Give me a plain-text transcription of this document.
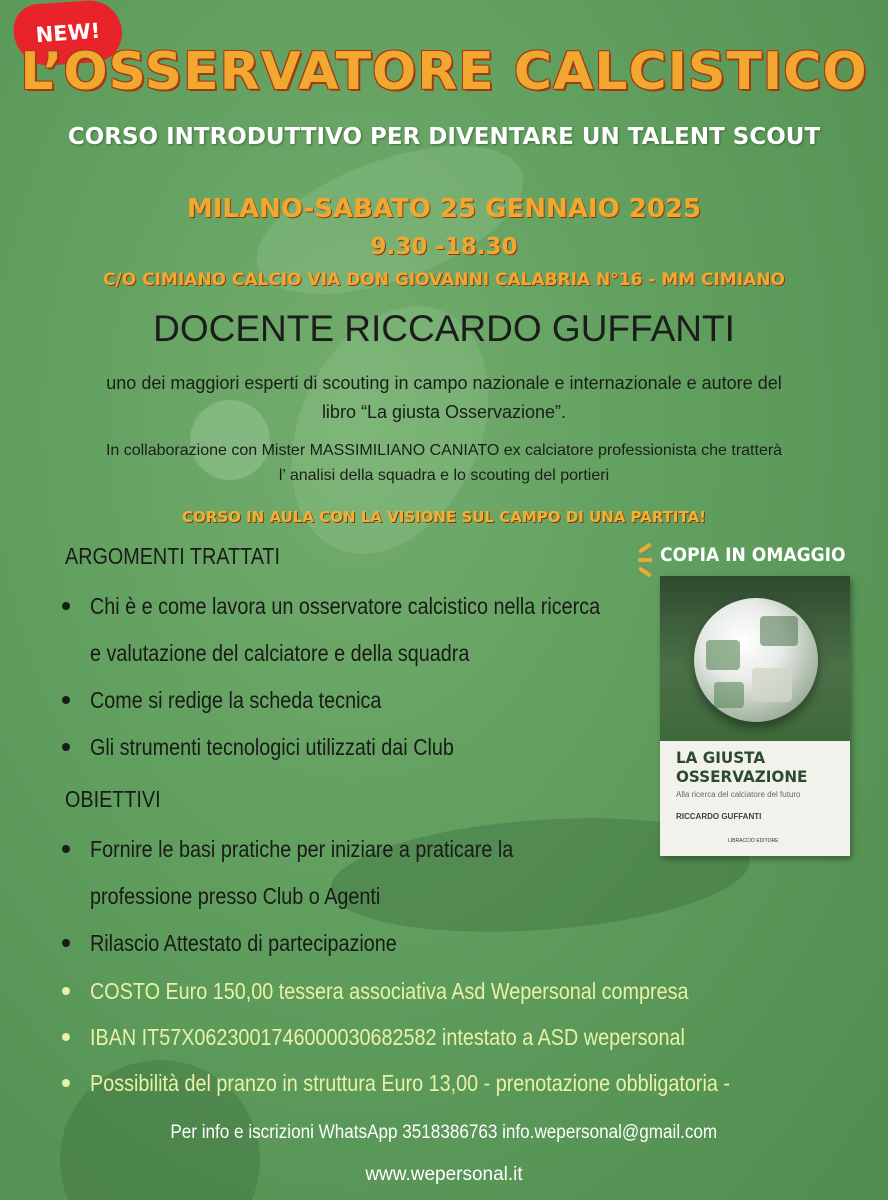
NEW!
L’OSSERVATORE CALCISTICO
CORSO INTRODUTTIVO PER DIVENTARE UN TALENT SCOUT
MILANO-SABATO 25 GENNAIO 2025
9.30 -18.30
C/O CIMIANO CALCIO VIA DON GIOVANNI CALABRIA N°16 - MM CIMIANO
DOCENTE RICCARDO GUFFANTI
uno dei maggiori esperti di scouting in campo nazionale e internazionale e autore del
libro “La giusta Osservazione”.
In collaborazione con Mister MASSIMILIANO CANIATO ex calciatore professionista che tratterà
l’ analisi della squadra e lo scouting del portieri
CORSO IN AULA CON LA VISIONE SUL CAMPO DI UNA PARTITA!
ARGOMENTI TRATTATI
Chi è e come lavora un osservatore calcistico nella ricerca e valutazione del calciatore e della squadra
Come si redige la scheda tecnica
Gli strumenti tecnologici utilizzati dai Club
OBIETTIVI
Fornire le basi pratiche per iniziare a praticare la professione presso Club o Agenti
Rilascio Attestato di partecipazione
COSTO Euro 150,00 tessera associativa Asd Wepersonal compresa
IBAN IT57X0623001746000030682582 intestato a ASD wepersonal
Possibilità del pranzo in struttura Euro 13,00 - prenotazione obbligatoria -
COPIA IN OMAGGIO
LA GIUSTA OSSERVAZIONE
Alla ricerca del calciatore del futuro
RICCARDO GUFFANTI
LIBRACCIO EDITORE
Per info e iscrizioni WhatsApp 3518386763 info.wepersonal@gmail.com
www.wepersonal.it
